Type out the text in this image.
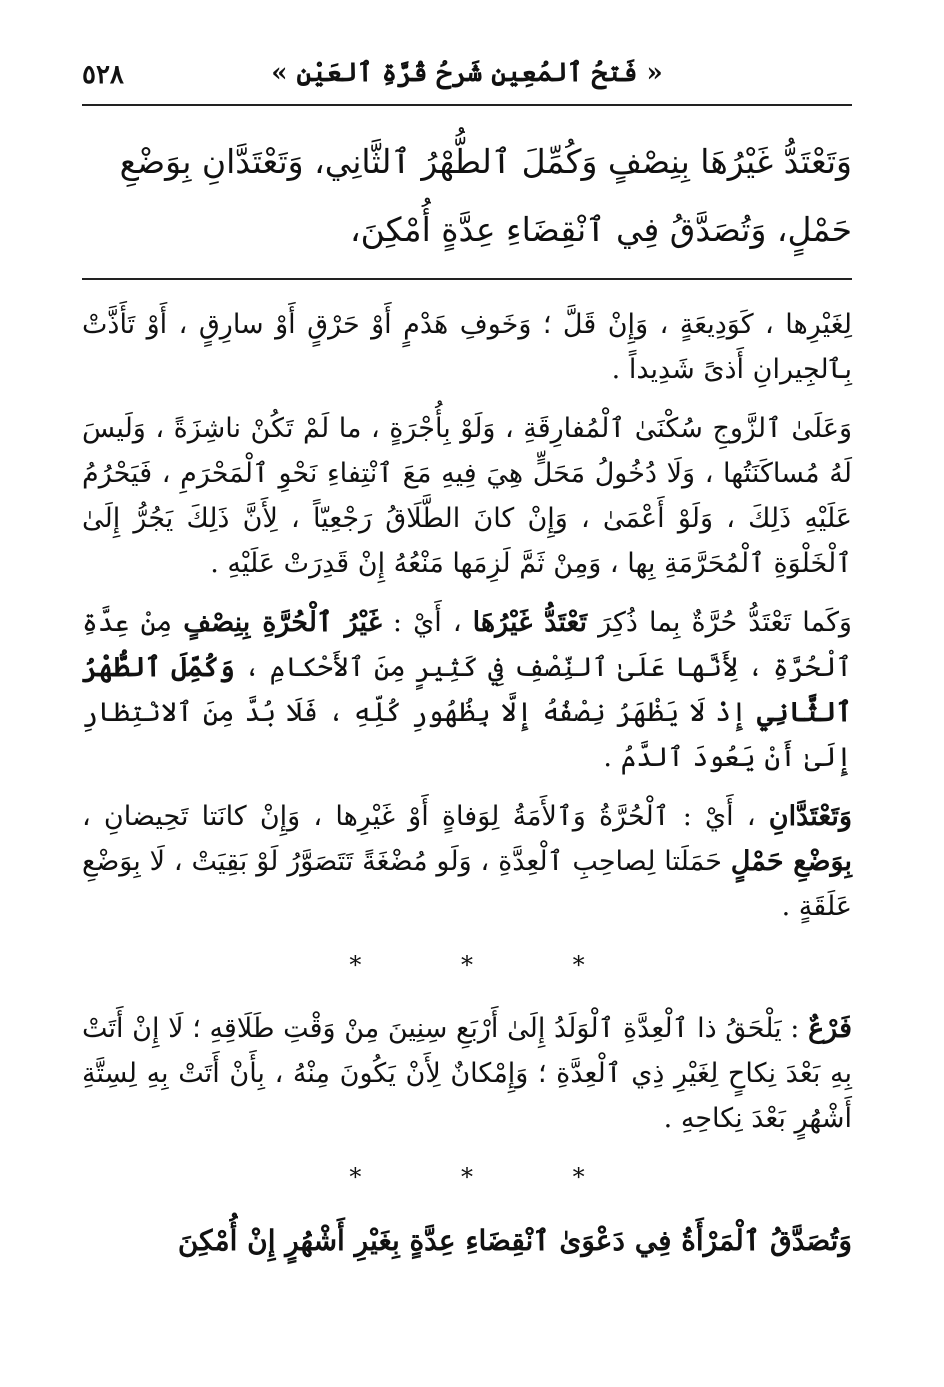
٥٢٨	« فَتحُ ٱلمُعِينِ شَرحُ قُرَّةِ ٱلعَيْنِ »
وَتَعْتَدُّ غَيْرُهَا بِنِصْفٍ وَكُمِّلَ ٱلطُّهْرُ ٱلثَّانِي، وَتَعْتَدَّانِ بِوَضْعِ
حَمْلٍ، وَتُصَدَّقُ فِي ٱنْقِضَاءِ عِدَّةٍ أُمْكِنَ،

لِغَيْرِها ، كَوَدِيعَةٍ ، وَإِنْ قَلَّ ؛ وَخَوفِ هَدْمٍ أَوْ حَرْقٍ أَوْ سارِقٍ ، أَوْ تَأَذَّتْ بِٱلجِيرانِ أَذىً شَدِيداً .

وَعَلَىٰ ٱلزَّوجِ سُكْنَىٰ ٱلْمُفارِقَةِ ، وَلَوْ بِأُجْرَةٍ ، ما لَمْ تَكُنْ ناشِزَةً ، وَلَيسَ لَهُ مُساكَنَتُها ، وَلَا دُخُولُ مَحَلٍّ هِيَ فِيهِ مَعَ ٱنْتِفاءِ نَحْوِ ٱلْمَحْرَمِ ، فَيَحْرُمُ عَلَيْهِ ذَلِكَ ، وَلَوْ أَعْمَىٰ ، وَإِنْ كانَ الطَّلَاقُ رَجْعِيّاً ، لِأَنَّ ذَلِكَ يَجُرُّ إِلَىٰ ٱلْخَلْوَةِ ٱلْمُحَرَّمَةِ بِها ، وَمِنْ ثَمَّ لَزِمَها مَنْعُهُ إِنْ قَدِرَتْ عَلَيْهِ .

وَكَما تَعْتَدُّ حُرَّةٌ بِما ذُكِرَ تَعْتَدُّ غَيْرُهَا ، أَيْ : غَيْرُ ٱلْحُرَّةِ بِنِصْفٍ مِنْ عِدَّةِ ٱلْحُرَّةِ ، لِأَنَّها عَلَىٰ ٱلنِّصْفِ فِي كَثِيرٍ مِنَ ٱلأَحْكامِ ، وَكُمِّلَ ٱلطُّهْرُ ٱلثَّانِي إِذْ لَا يَظْهَرُ نِصْفُهُ إِلَّا بِظُهُورِ كُلِّهِ ، فَلَا بُدَّ مِنَ ٱلانْتِظارِ إِلَىٰ أَنْ يَعُودَ ٱلدَّمُ .

وَتَعْتَدَّانِ ، أَيْ : ٱلْحُرَّةُ وَٱلأَمَةُ لِوَفاةٍ أَوْ غَيْرِها ، وَإِنْ كانَتا تَحِيضانِ ، بِوَضْعِ حَمْلٍ حَمَلَتا لِصاحِبِ ٱلْعِدَّةِ ، وَلَو مُضْغَةً تَتَصَوَّرُ لَوْ بَقِيَتْ ، لَا بِوَضْعِ عَلَقَةٍ .

*	*	*

فَرْعٌ : يَلْحَقُ ذا ٱلْعِدَّةِ ٱلْوَلَدُ إِلَىٰ أَرْبَعِ سِنِينَ مِنْ وَقْتِ طَلَاقِهِ ؛ لَا إِنْ أَتَتْ بِهِ بَعْدَ نِكاحٍ لِغَيْرِ ذِي ٱلْعِدَّةِ ؛ وَإِمْكانٌ لِأَنْ يَكُونَ مِنْهُ ، بِأَنْ أَتَتْ بِهِ لِسِتَّةِ أَشْهُرٍ بَعْدَ نِكاحِهِ .

*	*	*
وَتُصَدَّقُ ٱلْمَرْأَةُ فِي دَعْوَىٰ ٱنْقِضَاءِ عِدَّةٍ بِغَيْرِ أَشْهُرٍ إِنْ أُمْكِنَ
